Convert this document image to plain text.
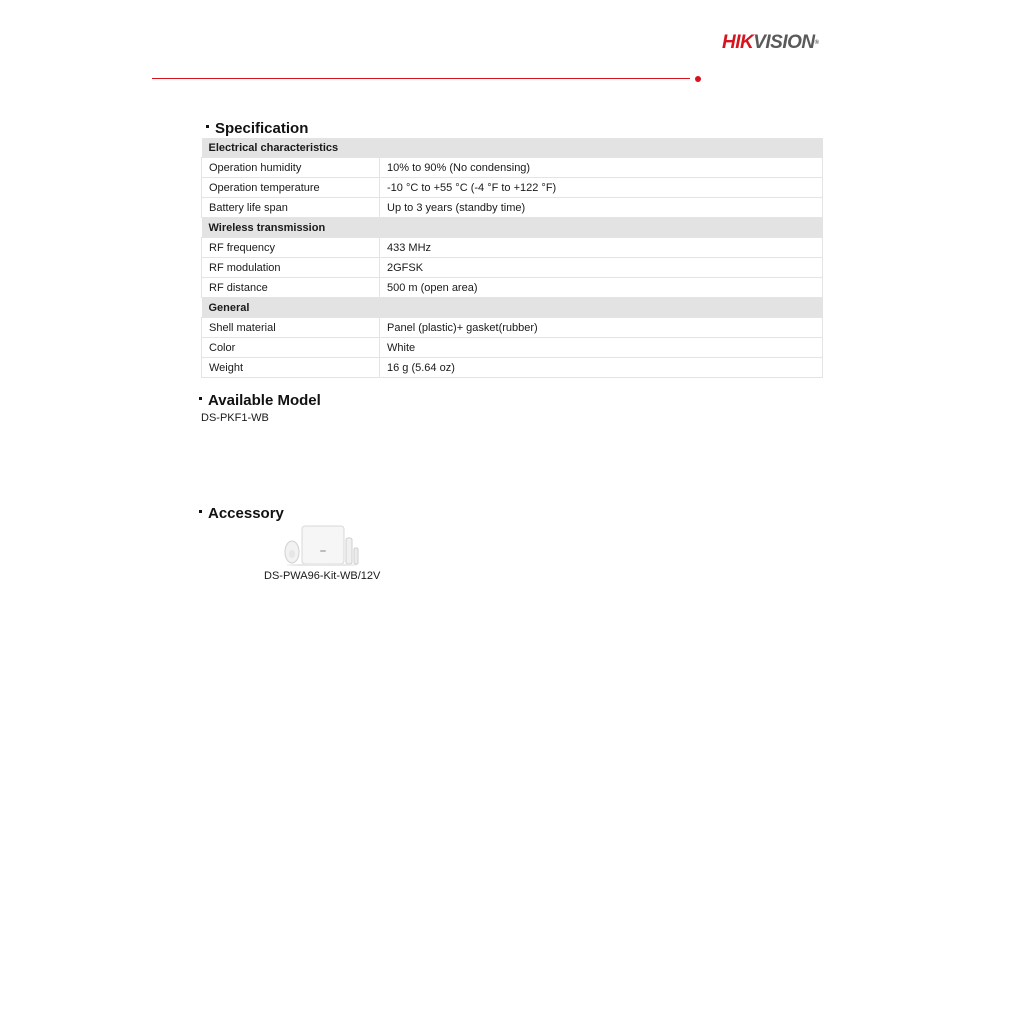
HIKVISION®
Specification
Electrical characteristics	
Operation humidity	10% to 90% (No condensing)
Operation temperature	-10 °C to +55 °C (-4 °F to +122 °F)
Battery life span	Up to 3 years (standby time)
Wireless transmission	
RF frequency	433 MHz
RF modulation	2GFSK
RF distance	500 m (open area)
General	
Shell material	Panel (plastic)+ gasket(rubber)
Color	White
Weight	16 g (5.64 oz)
Available Model
DS-PKF1-WB
Accessory
DS-PWA96-Kit-WB/12V
